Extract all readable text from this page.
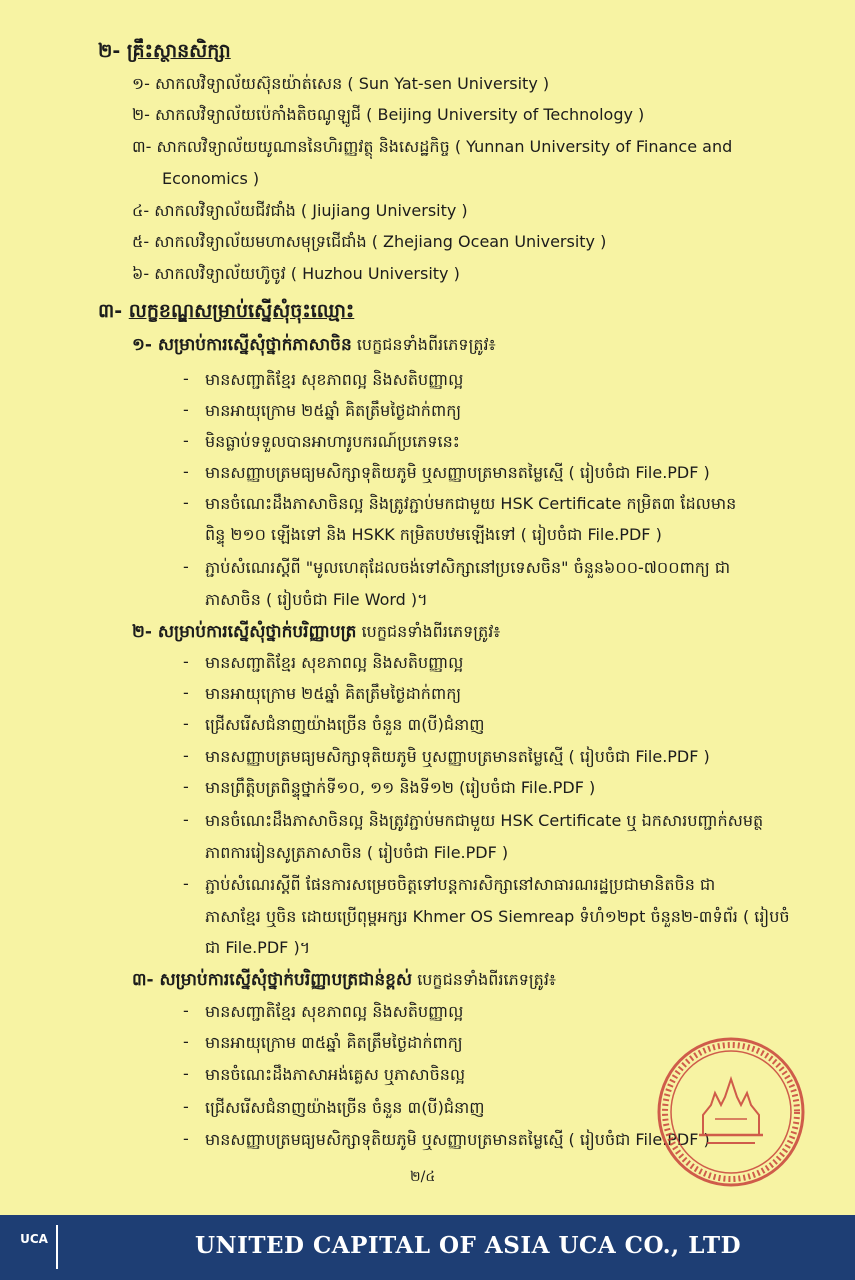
២- គ្រឹះស្ថានសិក្សា
១- សាកលវិទ្យាល័យស៊ុនយ៉ាត់សេន ( Sun Yat-sen University )
២- សាកលវិទ្យាល័យប៉េកាំងតិចណូឡូជី ( Beijing University of Technology )
៣- សាកលវិទ្យាល័យយូណាននៃហិរញ្ញវត្ថុ និងសេដ្ឋកិច្ច ( Yunnan University of Finance and
Economics )
៤- សាកលវិទ្យាល័យជីវជាំង ( Jiujiang University )
៥- សាកលវិទ្យាល័យមហាសមុទ្រជើជាំង ( Zhejiang Ocean University )
៦- សាកលវិទ្យាល័យហ៊ូចូវ ( Huzhou University )
៣- លក្ខខណ្ឌសម្រាប់ស្នើសុំចុះឈ្មោះ
១- សម្រាប់ការស្នើសុំថ្នាក់ភាសាចិន បេក្ខជនទាំងពីរភេទត្រូវ៖
- មានសញ្ជាតិខ្មែរ សុខភាពល្អ និងសតិបញ្ញាល្អ
- មានអាយុក្រោម ២៥ឆ្នាំ គិតត្រឹមថ្ងៃដាក់ពាក្យ
- មិនធ្លាប់ទទួលបានអាហារូបករណ៍ប្រភេទនេះ
- មានសញ្ញាបត្រមធ្យមសិក្សាទុតិយភូមិ ឬសញ្ញាបត្រមានតម្លៃស្មើ ( រៀបចំជា File.PDF )
- មានចំណេះដឹងភាសាចិនល្អ និងត្រូវភ្ជាប់មកជាមួយ HSK Certificate កម្រិត៣ ដែលមាន
ពិន្ទុ ២១០ ឡើងទៅ និង HSKK កម្រិតបឋមឡើងទៅ ( រៀបចំជា File.PDF )
- ភ្ជាប់សំណេរស្តីពី "មូលហេតុដែលចង់ទៅសិក្សានៅប្រទេសចិន" ចំនួន៦០០-៧០០ពាក្យ ជា
ភាសាចិន ( រៀបចំជា File Word )។
២- សម្រាប់ការស្នើសុំថ្នាក់បរិញ្ញាបត្រ បេក្ខជនទាំងពីរភេទត្រូវ៖
- មានសញ្ជាតិខ្មែរ សុខភាពល្អ និងសតិបញ្ញាល្អ
- មានអាយុក្រោម ២៥ឆ្នាំ គិតត្រឹមថ្ងៃដាក់ពាក្យ
- ជ្រើសរើសជំនាញយ៉ាងច្រើន ចំនួន ៣(បី)ជំនាញ
- មានសញ្ញាបត្រមធ្យមសិក្សាទុតិយភូមិ ឬសញ្ញាបត្រមានតម្លៃស្មើ ( រៀបចំជា File.PDF )
- មានព្រឹត្តិបត្រពិន្ទុថ្នាក់ទី១០, ១១ និងទី១២ (រៀបចំជា File.PDF )
- មានចំណេះដឹងភាសាចិនល្អ និងត្រូវភ្ជាប់មកជាមួយ HSK Certificate ឬ ឯកសារបញ្ជាក់សមត្ថ
ភាពការរៀនសូត្រភាសាចិន ( រៀបចំជា File.PDF )
- ភ្ជាប់សំណេរស្តីពី ផែនការសម្រេចចិត្តទៅបន្តការសិក្សានៅសាធារណរដ្ឋប្រជាមានិតចិន ជា
ភាសាខ្មែរ ឬចិន ដោយប្រើពុម្ពអក្សរ Khmer OS Siemreap ទំហំ១២pt ចំនួន២-៣ទំព័រ ( រៀបចំ
ជា File.PDF )។
៣- សម្រាប់ការស្នើសុំថ្នាក់បរិញ្ញាបត្រជាន់ខ្ពស់ បេក្ខជនទាំងពីរភេទត្រូវ៖
- មានសញ្ជាតិខ្មែរ សុខភាពល្អ និងសតិបញ្ញាល្អ
- មានអាយុក្រោម ៣៥ឆ្នាំ គិតត្រឹមថ្ងៃដាក់ពាក្យ
- មានចំណេះដឹងភាសាអង់គ្លេស ឬភាសាចិនល្អ
- ជ្រើសរើសជំនាញយ៉ាងច្រើន ចំនួន ៣(បី)ជំនាញ
- មានសញ្ញាបត្រមធ្យមសិក្សាទុតិយភូមិ ឬសញ្ញាបត្រមានតម្លៃស្មើ ( រៀបចំជា File.PDF )
២/៤
UCA	UNITED CAPITAL OF ASIA UCA CO., LTD
